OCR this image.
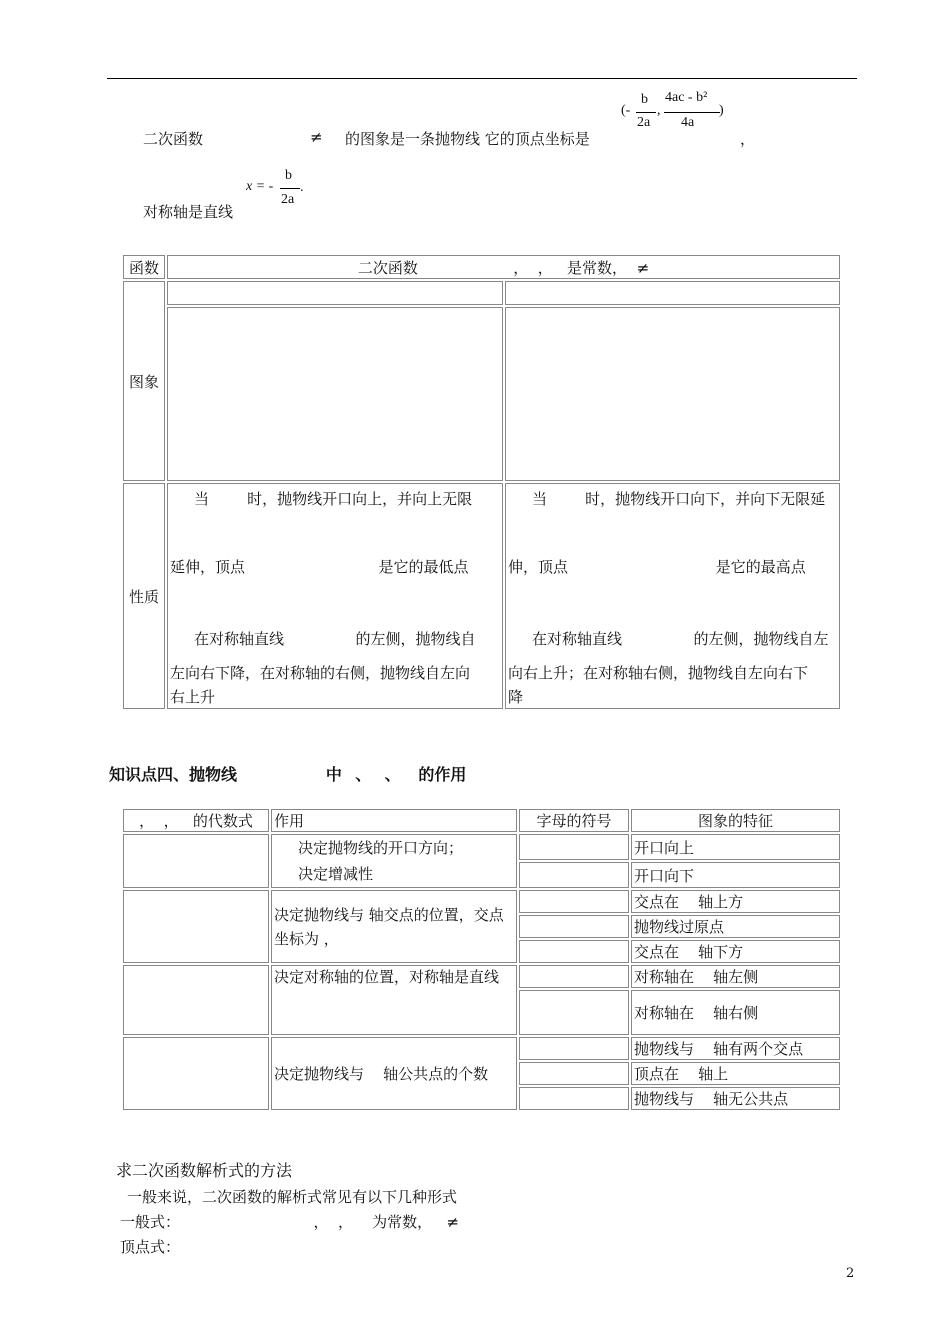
二次函数	≠ 的图象是一条抛物线 它的顶点坐标是
(-
b
2a
,
4ac - b²
4a
)
，
x = -
b
2a
.
对称轴是直线
函数	二次函数                    ，  ，   是常数，  ≠	
图象		

性质	当        时，抛物线开口向上，并向上无限
延伸，顶点                            是它的最低点
在对称轴直线               的左侧，抛物线自
左向右下降，在对称轴的右侧，抛物线自左向
右上升	当        时，抛物线开口向下，并向下无限延
伸，顶点                               是它的最高点
在对称轴直线               的左侧，抛物线自左
向右上升；在对称轴右侧，抛物线自左向右下
降
知识点四、抛物线                    中   、   、    的作用
，  ，   的代数式	作用	字母的符号	图象的特征

	决定抛物线的开口方向；
决定增减性		开口向上
			开口向下
	决定抛物线与 轴交点的位置，交点坐标为 ，		交点在    轴上方
			抛物线过原点
			交点在    轴下方
	决定对称轴的位置，对称轴是直线		对称轴在    轴左侧
			对称轴在    轴右侧
	决定抛物线与    轴公共点的个数		抛物线与    轴有两个交点
			顶点在    轴上
			抛物线与    轴无公共点
求二次函数解析式的方法
一般来说，二次函数的解析式常见有以下几种形式
一般式：                            ，  ，    为常数，   ≠
顶点式：
2
